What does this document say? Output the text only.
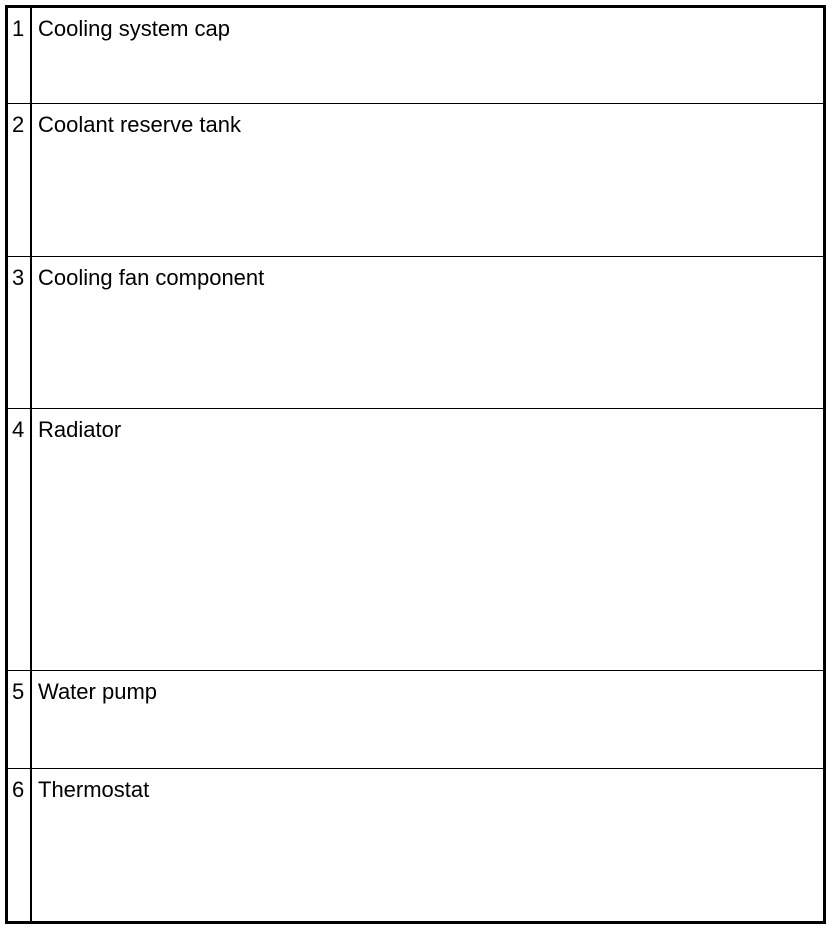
1 Cooling system cap
2 Coolant reserve tank
3 Cooling fan component
4 Radiator
5 Water pump
6 Thermostat
